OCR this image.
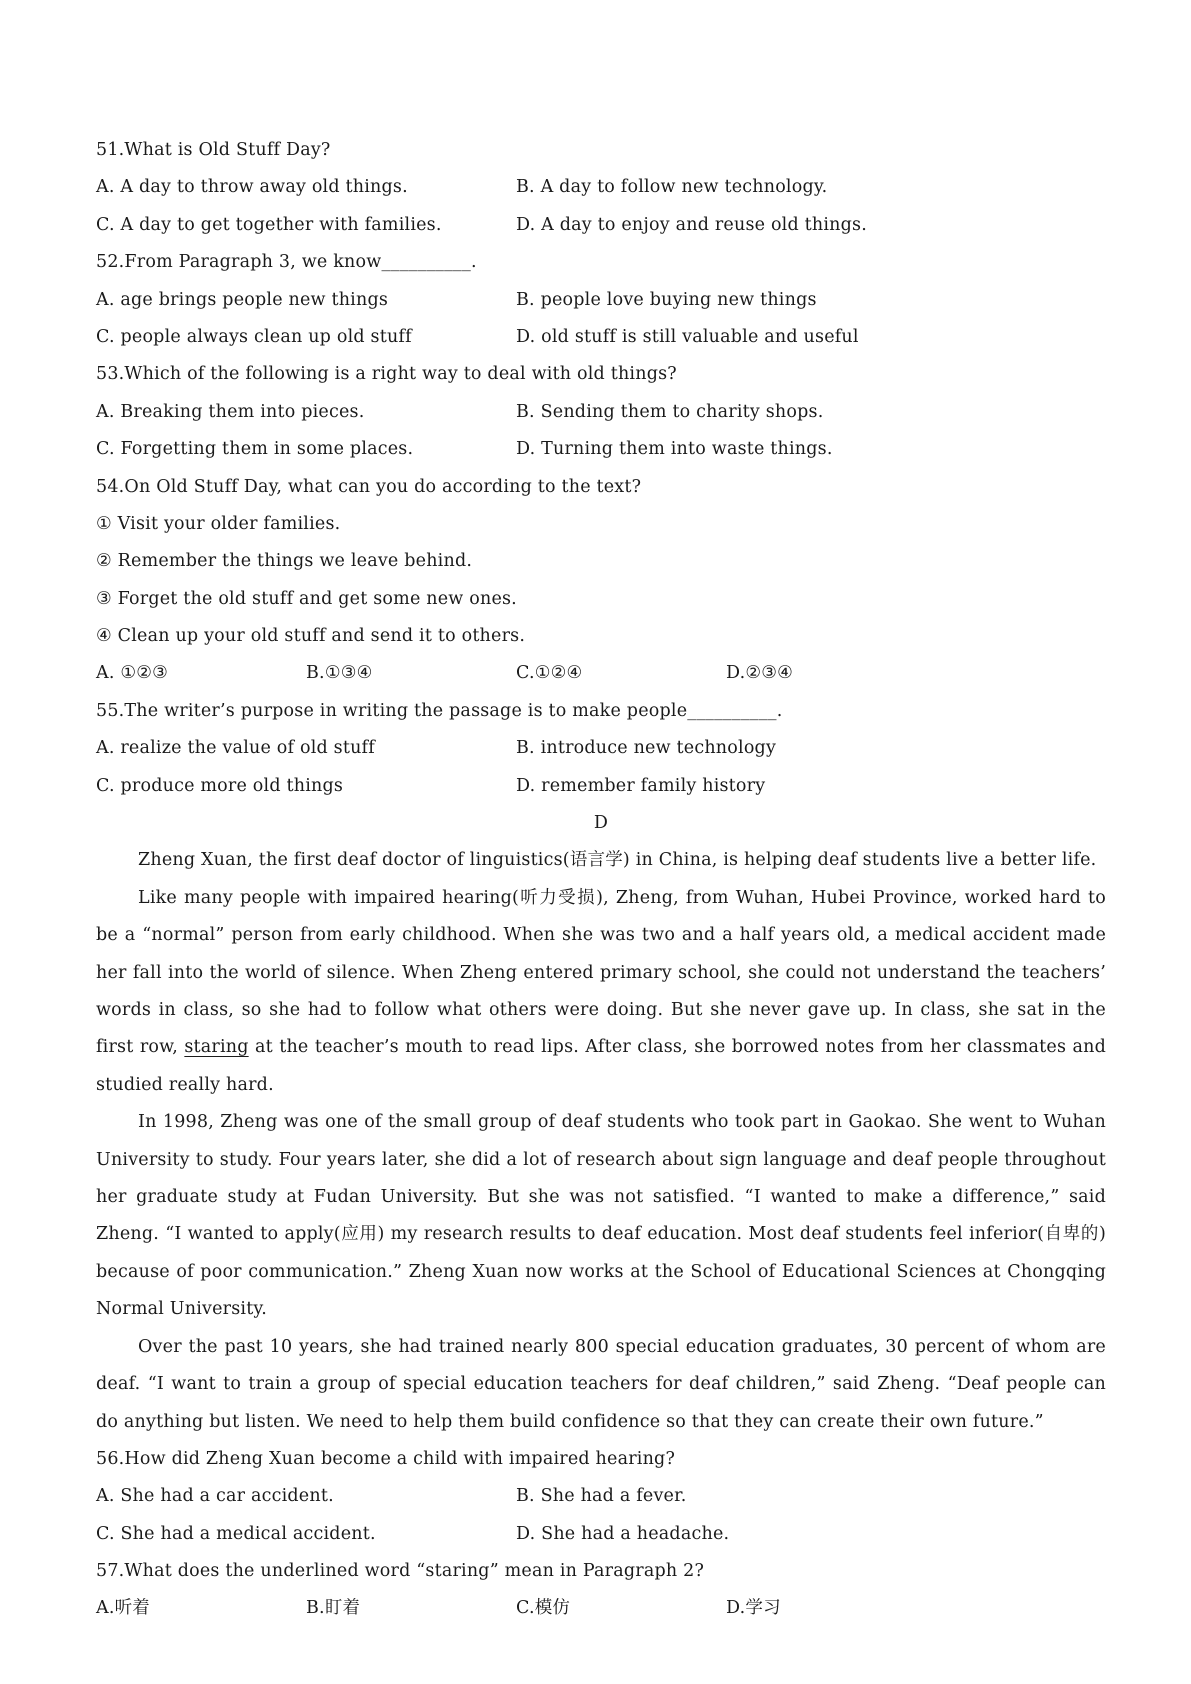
51.What is Old Stuff Day?
A. A day to throw away old things.	B. A day to follow new technology.
C. A day to get together with families.	D. A day to enjoy and reuse old things.
52.From Paragraph 3, we know__________.
A. age brings people new things	B. people love buying new things
C. people always clean up old stuff	D. old stuff is still valuable and useful
53.Which of the following is a right way to deal with old things?
A. Breaking them into pieces.	B. Sending them to charity shops.
C. Forgetting them in some places.	D. Turning them into waste things.
54.On Old Stuff Day, what can you do according to the text?
① Visit your older families.
② Remember the things we leave behind.
③ Forget the old stuff and get some new ones.
④ Clean up your old stuff and send it to others.
A. ①②③	B.①③④	C.①②④	D.②③④
55.The writer’s purpose in writing the passage is to make people__________.
A. realize the value of old stuff	B. introduce new technology
C. produce more old things	D. remember family history
D

Zheng Xuan, the first deaf doctor of linguistics(语言学) in China, is helping deaf students live a better life.

Like many people with impaired hearing(听力受损), Zheng, from Wuhan, Hubei Province, worked hard to be a “normal” person from early childhood. When she was two and a half years old, a medical accident made her fall into the world of silence. When Zheng entered primary school, she could not understand the teachers’ words in class, so she had to follow what others were doing. But she never gave up. In class, she sat in the first row, staring at the teacher’s mouth to read lips. After class, she borrowed notes from her classmates and studied really hard.

In 1998, Zheng was one of the small group of deaf students who took part in Gaokao. She went to Wuhan University to study. Four years later, she did a lot of research about sign language and deaf people throughout her graduate study at Fudan University. But she was not satisfied. “I wanted to make a difference,” said Zheng. “I wanted to apply(应用) my research results to deaf education. Most deaf students feel inferior(自卑的) because of poor communication.” Zheng Xuan now works at the School of Educational Sciences at Chongqing Normal University.

Over the past 10 years, she had trained nearly 800 special education graduates, 30 percent of whom are deaf. “I want to train a group of special education teachers for deaf children,” said Zheng. “Deaf people can do anything but listen. We need to help them build confidence so that they can create their own future.”

56.How did Zheng Xuan become a child with impaired hearing?
A. She had a car accident.	B. She had a fever.
C. She had a medical accident.	D. She had a headache.
57.What does the underlined word “staring” mean in Paragraph 2?
A.听着	B.盯着	C.模仿	D.学习
